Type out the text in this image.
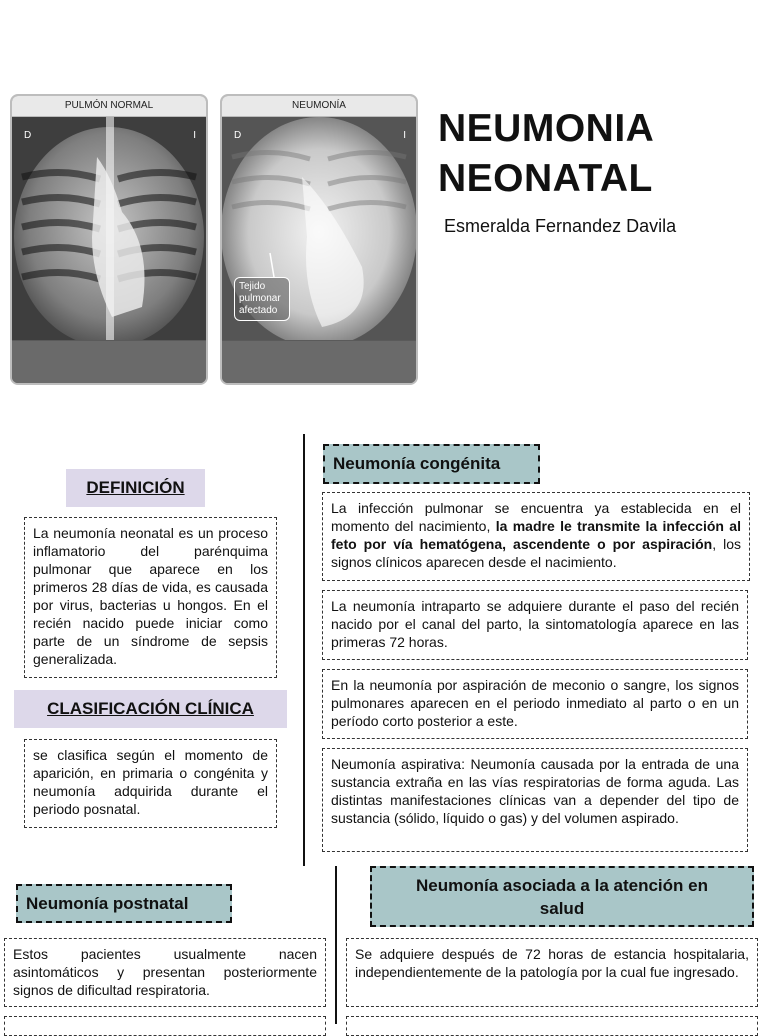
PULMÓN NORMAL
D	I
NEUMONÍA
D	I
Tejido
pulmonar
afectado
NEUMONIA
NEONATAL
Esmeralda Fernandez Davila
DEFINICIÓN
La neumonía neonatal es un proceso inflamatorio del parénquima pulmonar que aparece en los primeros 28 días de vida, es causada por virus, bacterias u hongos. En el recién nacido puede iniciar como parte de un síndrome de sepsis generalizada.
CLASIFICACIÓN CLÍNICA
se clasifica según el momento de aparición, en primaria o congénita y neumonía adquirida durante el periodo posnatal.
Neumonía congénita
La infección pulmonar se encuentra ya establecida en el momento del nacimiento, la madre le transmite la infección al feto por vía hematógena, ascendente o por aspiración, los signos clínicos aparecen desde el nacimiento.
La neumonía intraparto se adquiere durante el paso del recién nacido por el canal del parto, la sintomatología aparece en las primeras 72 horas.
En la neumonía por aspiración de meconio o sangre, los signos pulmonares aparecen en el periodo inmediato al parto o en un período corto posterior a este.
Neumonía aspirativa: Neumonía causada por la entrada de una sustancia extraña en las vías respiratorias de forma aguda. Las distintas manifestaciones clínicas van a depender del tipo de sustancia (sólido, líquido o gas) y del volumen aspirado.
Neumonía postnatal
Estos pacientes usualmente nacen asintomáticos y presentan posteriormente signos de dificultad respiratoria.
Neumonía asociada a la atención en
salud
Se adquiere después de 72 horas de estancia hospitalaria, independientemente de la patología por la cual fue ingresado.
